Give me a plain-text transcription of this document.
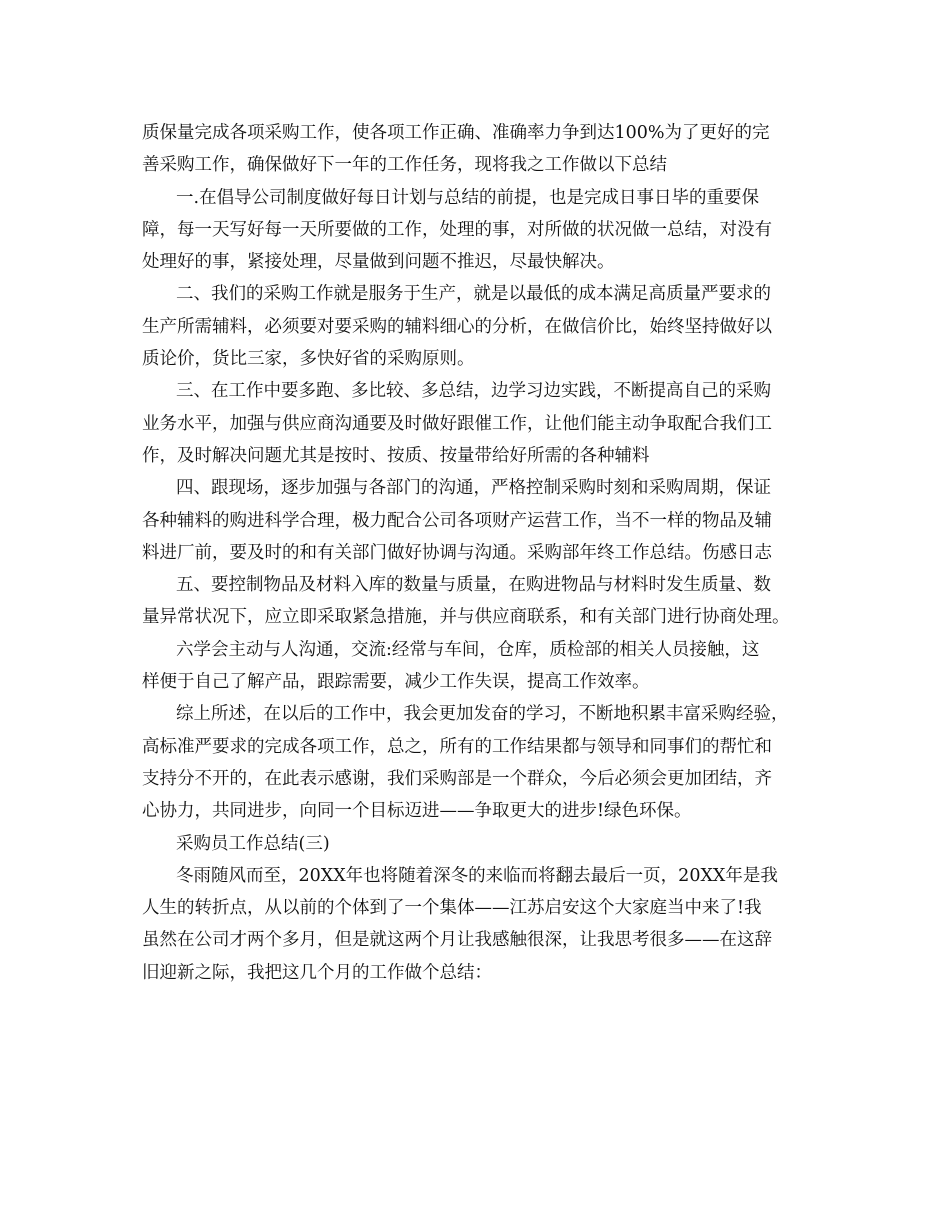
质保量完成各项采购工作，使各项工作正确、准确率力争到达100%为了更好的完
善采购工作，确保做好下一年的工作任务，现将我之工作做以下总结
一.在倡导公司制度做好每日计划与总结的前提，也是完成日事日毕的重要保
障，每一天写好每一天所要做的工作，处理的事，对所做的状况做一总结，对没有
处理好的事，紧接处理，尽量做到问题不推迟，尽最快解决。
二、我们的采购工作就是服务于生产，就是以最低的成本满足高质量严要求的
生产所需辅料，必须要对要采购的辅料细心的分析，在做信价比，始终坚持做好以
质论价，货比三家，多快好省的采购原则。
三、在工作中要多跑、多比较、多总结，边学习边实践，不断提高自己的采购
业务水平，加强与供应商沟通要及时做好跟催工作，让他们能主动争取配合我们工
作，及时解决问题尤其是按时、按质、按量带给好所需的各种辅料
四、跟现场，逐步加强与各部门的沟通，严格控制采购时刻和采购周期，保证
各种辅料的购进科学合理，极力配合公司各项财产运营工作，当不一样的物品及辅
料进厂前，要及时的和有关部门做好协调与沟通。采购部年终工作总结。伤感日志
五、要控制物品及材料入库的数量与质量，在购进物品与材料时发生质量、数
量异常状况下，应立即采取紧急措施，并与供应商联系，和有关部门进行协商处理。
六学会主动与人沟通，交流:经常与车间，仓库，质检部的相关人员接触，这
样便于自己了解产品，跟踪需要，减少工作失误，提高工作效率。
综上所述，在以后的工作中，我会更加发奋的学习，不断地积累丰富采购经验，
高标准严要求的完成各项工作，总之，所有的工作结果都与领导和同事们的帮忙和
支持分不开的，在此表示感谢，我们采购部是一个群众，今后必须会更加团结，齐
心协力，共同进步，向同一个目标迈进——争取更大的进步!绿色环保。
采购员工作总结(三)
冬雨随风而至，20XX年也将随着深冬的来临而将翻去最后一页，20XX年是我
人生的转折点，从以前的个体到了一个集体——江苏启安这个大家庭当中来了!我
虽然在公司才两个多月，但是就这两个月让我感触很深，让我思考很多——在这辞
旧迎新之际，我把这几个月的工作做个总结：
